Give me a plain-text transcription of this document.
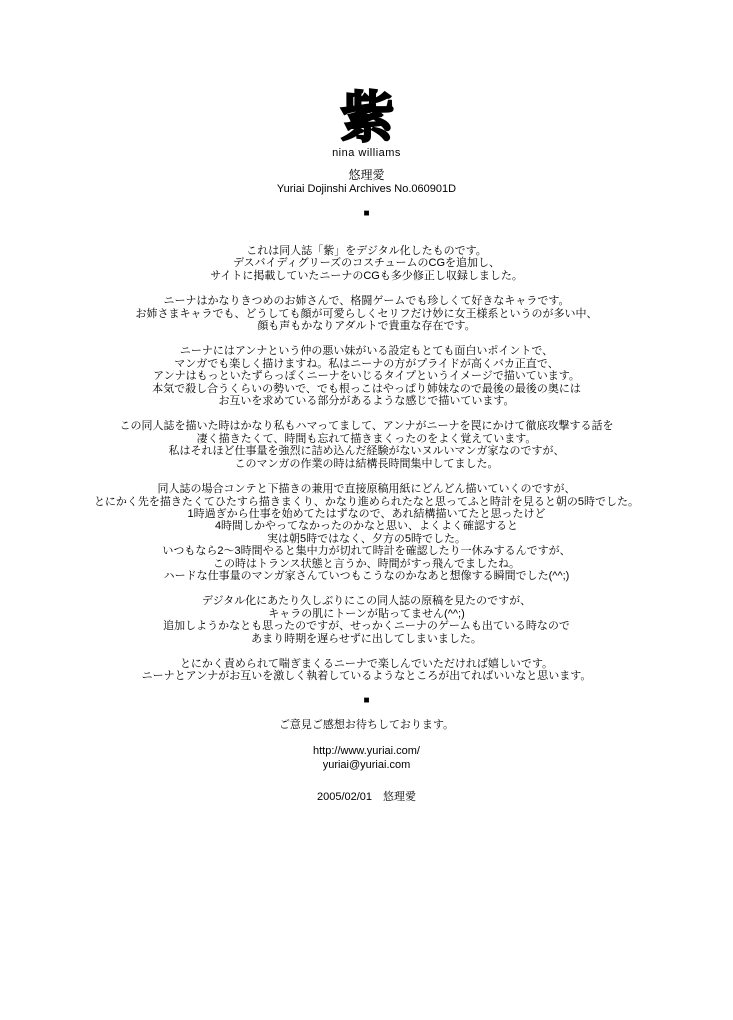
紫
nina williams
悠理愛
Yuriai Dojinshi Archives No.060901D
■
これは同人誌「紫」をデジタル化したものです。
デスバイディグリーズのコスチュームのCGを追加し、
サイトに掲載していたニーナのCGも多少修正し収録しました。
ニーナはかなりきつめのお姉さんで、格闘ゲームでも珍しくて好きなキャラです。
お姉さまキャラでも、どうしても顔が可愛らしくセリフだけ妙に女王様系というのが多い中、
顔も声もかなりアダルトで貴重な存在です。
ニーナにはアンナという仲の悪い妹がいる設定もとても面白いポイントで、
マンガでも楽しく描けますね。私はニーナの方がプライドが高くバカ正直で、
アンナはもっといたずらっぽくニーナをいじるタイプというイメージで描いています。
本気で殺し合うくらいの勢いで、でも根っこはやっぱり姉妹なので最後の最後の奥には
お互いを求めている部分があるような感じで描いています。
この同人誌を描いた時はかなり私もハマってまして、アンナがニーナを罠にかけて徹底攻撃する話を
凄く描きたくて、時間も忘れて描きまくったのをよく覚えています。
私はそれほど仕事量を強烈に詰め込んだ経験がないヌルいマンガ家なのですが、
このマンガの作業の時は結構長時間集中してました。
同人誌の場合コンテと下描きの兼用で直接原稿用紙にどんどん描いていくのですが、
とにかく先を描きたくてひたすら描きまくり、かなり進められたなと思ってふと時計を見ると朝の5時でした。
1時過ぎから仕事を始めてたはずなので、あれ結構描いてたと思ったけど
4時間しかやってなかったのかなと思い、よくよく確認すると
実は朝5時ではなく、夕方の5時でした。
いつもなら2〜3時間やると集中力が切れて時計を確認したり一休みするんですが、
この時はトランス状態と言うか、時間がすっ飛んでましたね。
ハードな仕事量のマンガ家さんていつもこうなのかなあと想像する瞬間でした(^^;)
デジタル化にあたり久しぶりにこの同人誌の原稿を見たのですが、
キャラの肌にトーンが貼ってません(^^;)
追加しようかなとも思ったのですが、せっかくニーナのゲームも出ている時なので
あまり時期を遅らせずに出してしまいました。
とにかく責められて喘ぎまくるニーナで楽しんでいただければ嬉しいです。
ニーナとアンナがお互いを激しく執着しているようなところが出てればいいなと思います。
■
ご意見ご感想お待ちしております。
http://www.yuriai.com/
yuriai@yuriai.com
2005/02/01　悠理愛
